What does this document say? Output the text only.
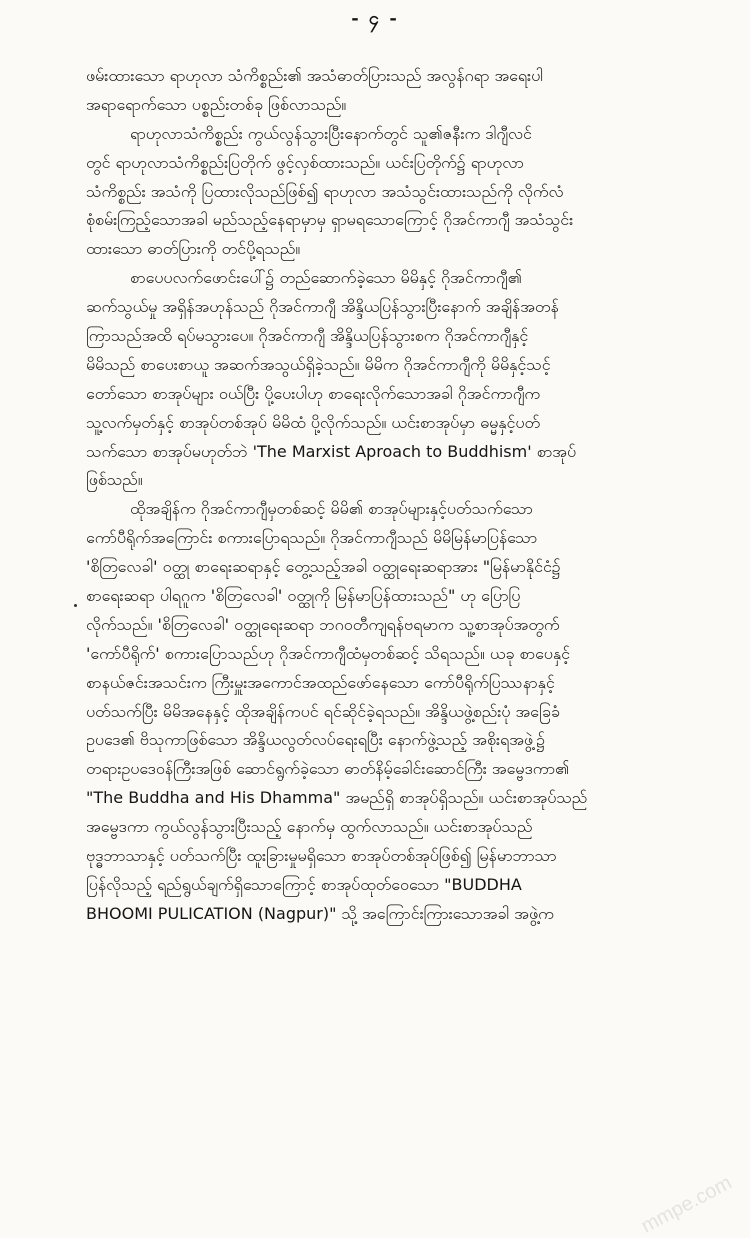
- ၄ -
ဖမ်းထားသော ရာဟုလာ သံကိစ္စည်း၏ အသံဓာတ်ပြားသည် အလွန်ဂရာ အရေးပါ
အရာရောက်သော ပစ္စည်းတစ်ခု ဖြစ်လာသည်။
ရာဟုလာသံကိစ္စည်း ကွယ်လွန်သွားပြီးနောက်တွင် သူ၏ဇနီးက ဒါဂျီလင်
တွင် ရာဟုလာသံကိစ္စည်းပြတိုက် ဖွင့်လှစ်ထားသည်။ ယင်းပြတိုက်၌ ရာဟုလာ
သံကိစ္စည်း အသံကို ပြထားလိုသည်ဖြစ်၍ ရာဟုလာ အသံသွင်းထားသည်ကို လိုက်လံ
စုံစမ်းကြည့်သောအခါ မည်သည့်နေရာမှာမှ ရှာမရသောကြောင့် ဂိုအင်ကာဂျီ အသံသွင်း
ထားသော ဓာတ်ပြားကို တင်ပို့ရသည်။
စာပေပလက်ဖောင်းပေါ်၌ တည်ဆောက်ခဲ့သော မိမိနှင့် ဂိုအင်ကာဂျီ၏
ဆက်သွယ်မှု အရှိန်အဟုန်သည် ဂိုအင်ကာဂျီ အိန္ဒိယပြန်သွားပြီးနောက် အချိန်အတန်
ကြာသည်အထိ ရပ်မသွားပေ။ ဂိုအင်ကာဂျီ အိန္ဒိယပြန်သွားစက ဂိုအင်ကာဂျီနှင့်
မိမိသည် စာပေးစာယူ အဆက်အသွယ်ရှိခဲ့သည်။ မိမိက ဂိုအင်ကာဂျီကို မိမိနှင့်သင့်
တော်သော စာအုပ်များ ဝယ်ပြီး ပို့ပေးပါဟု စာရေးလိုက်သောအခါ ဂိုအင်ကာဂျီက
သူ့လက်မှတ်နှင့် စာအုပ်တစ်အုပ် မိမိထံ ပို့လိုက်သည်။ ယင်းစာအုပ်မှာ ဓမ္မနှင့်ပတ်
သက်သော စာအုပ်မဟုတ်ဘဲ 'The Marxist Aproach to Buddhism' စာအုပ်
ဖြစ်သည်။
ထိုအချိန်က ဂိုအင်ကာဂျီမှတစ်ဆင့် မိမိ၏ စာအုပ်များနှင့်ပတ်သက်သော
ကော်ပီရိုက်အကြောင်း စကားပြောရသည်။ ဂိုအင်ကာဂျီသည် မိမိမြန်မာပြန်သော
'စိတြလေခါ' ဝတ္ထု စာရေးဆရာနှင့် တွေ့သည့်အခါ ဝတ္ထုရေးဆရာအား "မြန်မာနိုင်ငံ၌
စာရေးဆရာ ပါရဂူက 'စိတြလေခါ' ဝတ္ထုကို မြန်မာပြန်ထားသည်" ဟု ပြောပြ
လိုက်သည်။ 'စိတြလေခါ' ဝတ္ထုရေးဆရာ ဘဂဝတီကျရန်ဗရမာက သူ့စာအုပ်အတွက်
'ကော်ပီရိုက်' စကားပြောသည်ဟု ဂိုအင်ကာဂျီထံမှတစ်ဆင့် သိရသည်။ ယခု စာပေနှင့်
စာနယ်ဇင်းအသင်းက ကြီးမှူးအကောင်အထည်ဖော်နေသော ကော်ပီရိုက်ပြဿနာနှင့်
ပတ်သက်ပြီး မိမိအနေနှင့် ထိုအချိန်ကပင် ရင်ဆိုင်ခဲ့ရသည်။ အိန္ဒိယဖွဲ့စည်းပုံ အခြေခံ
ဥပဒေ၏ ဗိသုကာဖြစ်သော အိန္ဒိယလွတ်လပ်ရေးရပြီး နောက်ဖွဲ့သည့် အစိုးရအဖွဲ့၌
တရားဥပဒေဝန်ကြီးအဖြစ် ဆောင်ရွက်ခဲ့သော ဓာတ်နိမ့်ခေါင်းဆောင်ကြီး အမ္ဗေဒကာ၏
"The Buddha and His Dhamma" အမည်ရှိ စာအုပ်ရှိသည်။ ယင်းစာအုပ်သည်
အမ္ဗေဒကာ ကွယ်လွန်သွားပြီးသည့် နောက်မှ ထွက်လာသည်။ ယင်းစာအုပ်သည်
ဗုဒ္ဓဘာသာနှင့် ပတ်သက်ပြီး ထူးခြားမှုမရှိသော စာအုပ်တစ်အုပ်ဖြစ်၍ မြန်မာဘာသာ
ပြန်လိုသည့် ရည်ရွယ်ချက်ရှိသောကြောင့် စာအုပ်ထုတ်ဝေသော "BUDDHA
BHOOMI PULICATION (Nagpur)" သို့ အကြောင်းကြားသောအခါ အဖွဲ့က
mmpe.com
